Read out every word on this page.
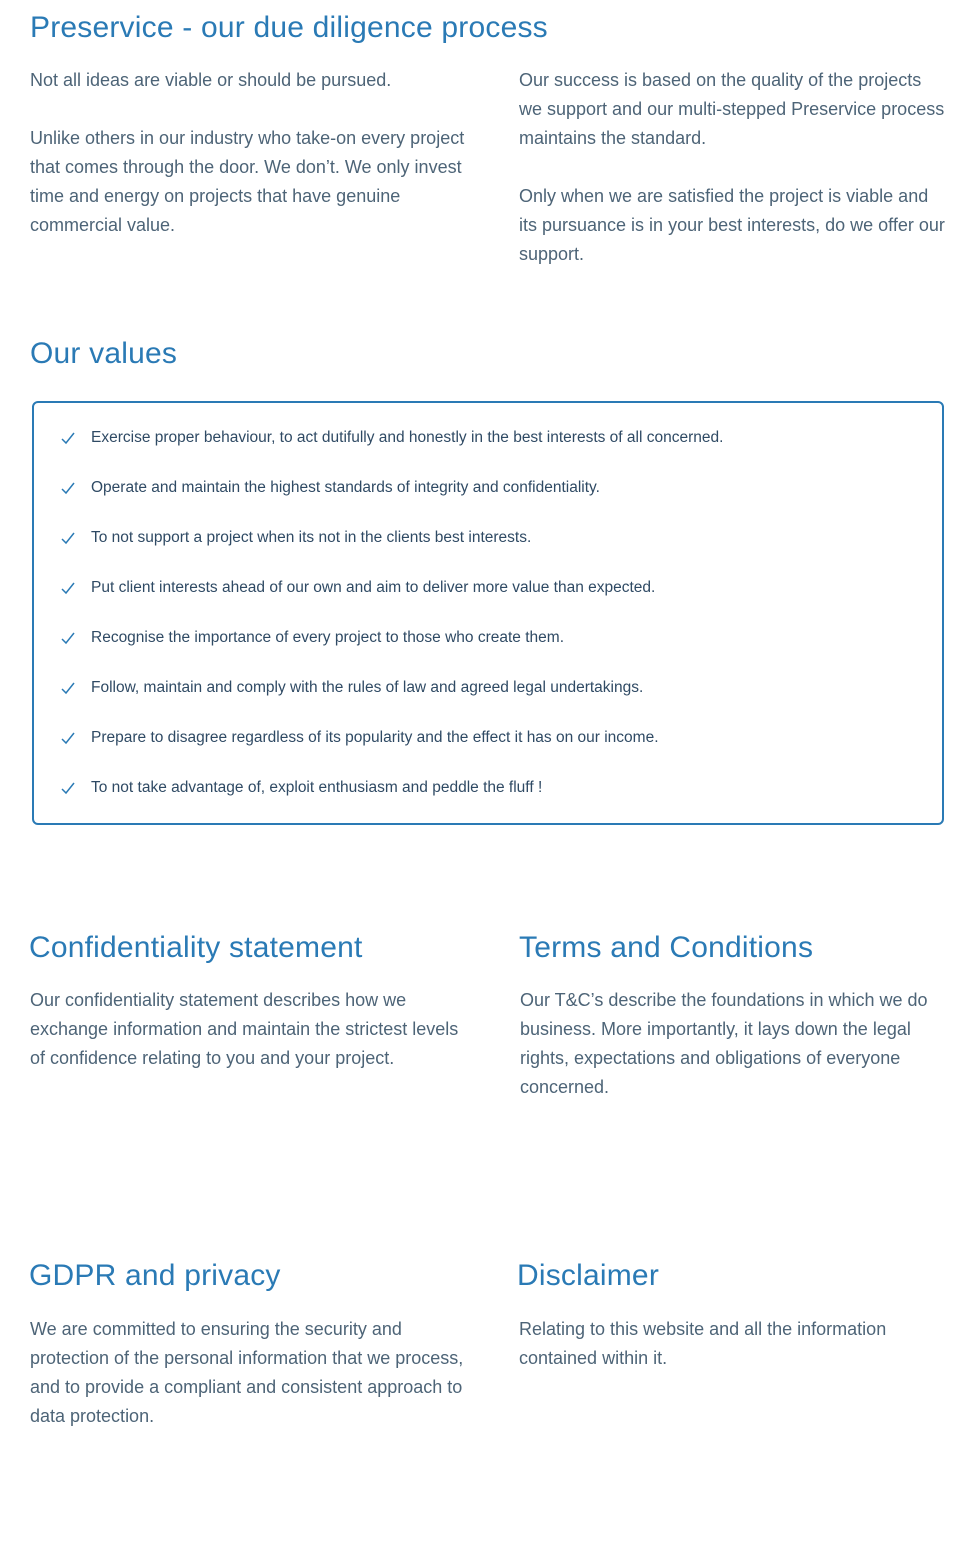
Preservice - our due diligence process

Not all ideas are viable or should be pursued.

Unlike others in our industry who take-on every project that comes through the door. We don’t. We only invest time and energy on projects that have genuine commercial value.

Our success is based on the quality of the projects we support and our multi-stepped Preservice process maintains the standard.

Only when we are satisfied the project is viable and its pursuance is in your best interests, do we offer our support.

Our values
Exercise proper behaviour, to act dutifully and honestly in the best interests of all concerned.
Operate and maintain the highest standards of integrity and confidentiality.
To not support a project when its not in the clients best interests.
Put client interests ahead of our own and aim to deliver more value than expected.
Recognise the importance of every project to those who create them.
Follow, maintain and comply with the rules of law and agreed legal undertakings.
Prepare to disagree regardless of its popularity and the effect it has on our income.
To not take advantage of, exploit enthusiasm and peddle the fluff !
Confidentiality statement

Our confidentiality statement describes how we exchange information and maintain the strictest levels of confidence relating to you and your project.

Terms and Conditions

Our T&C’s describe the foundations in which we do business. More importantly, it lays down the legal rights, expectations and obligations of everyone concerned.

GDPR and privacy

We are committed to ensuring the security and protection of the personal information that we process, and to provide a compliant and consistent approach to data protection.

Disclaimer

Relating to this website and all the information contained within it.
